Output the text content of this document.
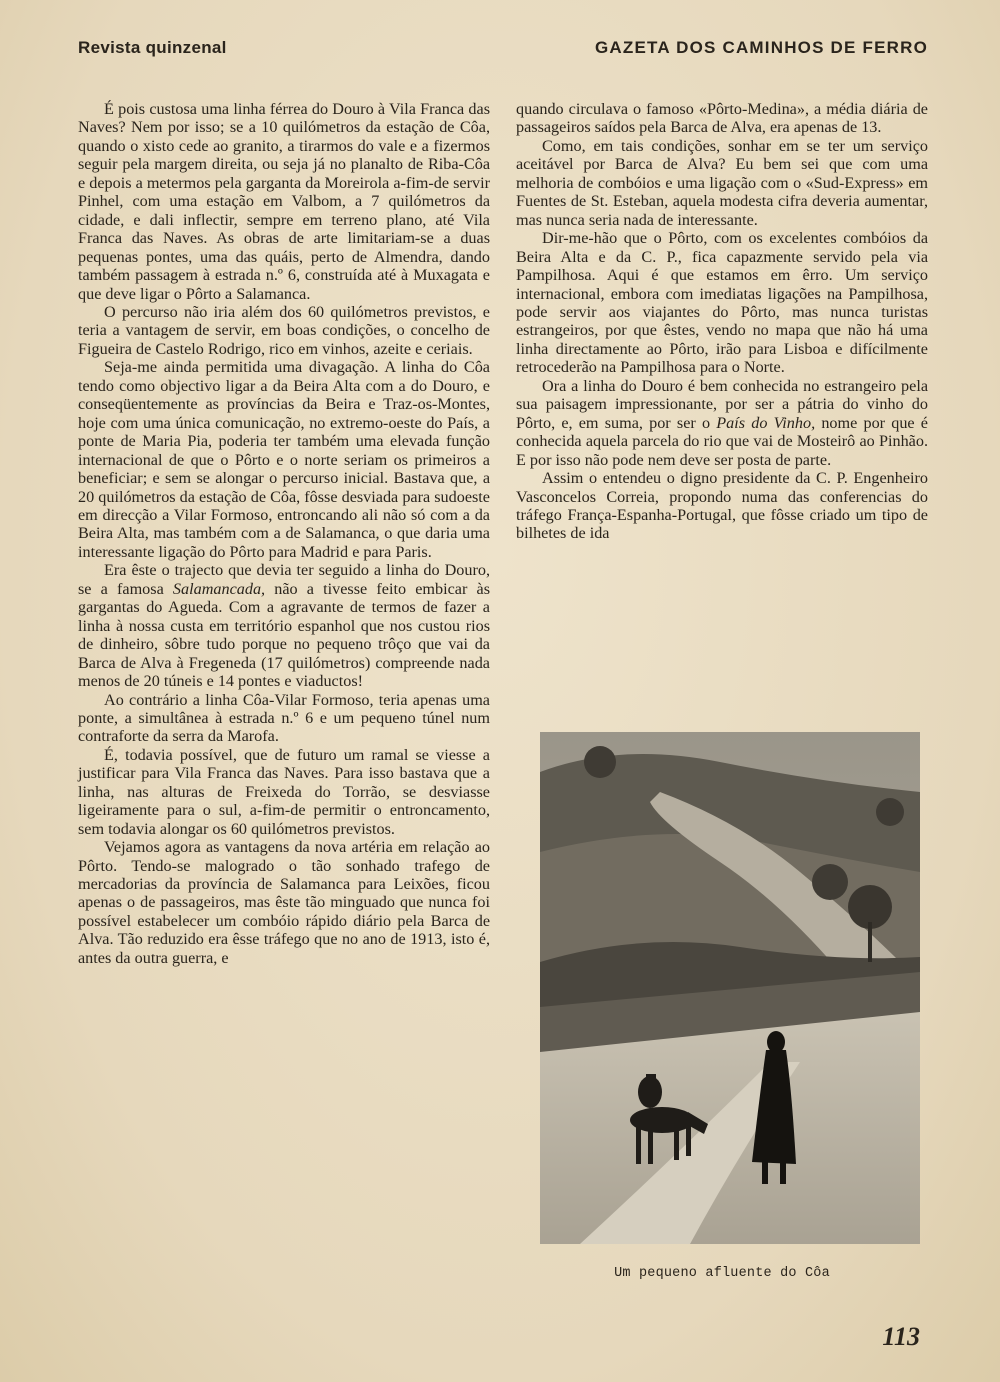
Revista quinzenal	GAZETA DOS CAMINHOS DE FERRO

É pois custosa uma linha férrea do Douro à Vila Franca das Naves? Nem por isso; se a 10 quilómetros da estação de Côa, quando o xisto cede ao granito, a tirarmos do vale e a fizermos seguir pela margem direita, ou seja já no planalto de Riba-Côa e depois a metermos pela garganta da Moreirola a-fim-de servir Pinhel, com uma estação em Valbom, a 7 quilómetros da cidade, e dali inflectir, sempre em terreno plano, até Vila Franca das Naves. As obras de arte limitariam-se a duas pequenas pontes, uma das quáis, perto de Almendra, dando também passagem à estrada n.º 6, construída até à Muxagata e que deve ligar o Pôrto a Salamanca.

O percurso não iria além dos 60 quilómetros previstos, e teria a vantagem de servir, em boas condições, o concelho de Figueira de Castelo Rodrigo, rico em vinhos, azeite e ceriais.

Seja-me ainda permitida uma divagação. A linha do Côa tendo como objectivo ligar a da Beira Alta com a do Douro, e conseqüentemente as províncias da Beira e Traz-os-Montes, hoje com uma única comunicação, no extremo-oeste do País, a ponte de Maria Pia, poderia ter também uma elevada função internacional de que o Pôrto e o norte seriam os primeiros a beneficiar; e sem se alongar o percurso inicial. Bastava que, a 20 quilómetros da estação de Côa, fôsse desviada para sudoeste em direcção a Vilar Formoso, entroncando ali não só com a da Beira Alta, mas também com a de Salamanca, o que daria uma interessante ligação do Pôrto para Madrid e para Paris.

Era êste o trajecto que devia ter seguido a linha do Douro, se a famosa Salamancada, não a tivesse feito embicar às gargantas do Agueda. Com a agravante de termos de fazer a linha à nossa custa em território espanhol que nos custou rios de dinheiro, sôbre tudo porque no pequeno trôço que vai da Barca de Alva à Fregeneda (17 quilómetros) compreende nada menos de 20 túneis e 14 pontes e viaductos!

Ao contrário a linha Côa-Vilar Formoso, teria apenas uma ponte, a simultânea à estrada n.º 6 e um pequeno túnel num contraforte da serra da Marofa.

É, todavia possível, que de futuro um ramal se viesse a justificar para Vila Franca das Naves. Para isso bastava que a linha, nas alturas de Freixeda do Torrão, se desviasse ligeiramente para o sul, a-fim-de permitir o entroncamento, sem todavia alongar os 60 quilómetros previstos.

Vejamos agora as vantagens da nova artéria em relação ao Pôrto. Tendo-se malogrado o tão sonhado trafego de mercadorias da província de Salamanca para Leixões, ficou apenas o de passageiros, mas êste tão minguado que nunca foi possível estabelecer um combóio rápido diário pela Barca de Alva. Tão reduzido era êsse tráfego que no ano de 1913, isto é, antes da outra guerra, e

quando circulava o famoso «Pôrto-Medina», a média diária de passageiros saídos pela Barca de Alva, era apenas de 13.

Como, em tais condições, sonhar em se ter um serviço aceitável por Barca de Alva? Eu bem sei que com uma melhoria de combóios e uma ligação com o «Sud-Express» em Fuentes de St. Esteban, aquela modesta cifra deveria aumentar, mas nunca seria nada de interessante.

Dir-me-hão que o Pôrto, com os excelentes combóios da Beira Alta e da C. P., fica capazmente servido pela via Pampilhosa. Aqui é que estamos em êrro. Um serviço internacional, embora com imediatas ligações na Pampilhosa, pode servir aos viajantes do Pôrto, mas nunca turistas estrangeiros, por que êstes, vendo no mapa que não há uma linha directamente ao Pôrto, irão para Lisboa e difícilmente retrocederão na Pampilhosa para o Norte.

Ora a linha do Douro é bem conhecida no estrangeiro pela sua paisagem impressionante, por ser a pátria do vinho do Pôrto, e, em suma, por ser o País do Vinho, nome por que é conhecida aquela parcela do rio que vai de Mosteirô ao Pinhão. E por isso não pode nem deve ser posta de parte.

Assim o entendeu o digno presidente da C. P. Engenheiro Vasconcelos Correia, propondo numa das conferencias do tráfego França-Espanha-Portugal, que fôsse criado um tipo de bilhetes de ida

Um pequeno afluente do Côa
113
